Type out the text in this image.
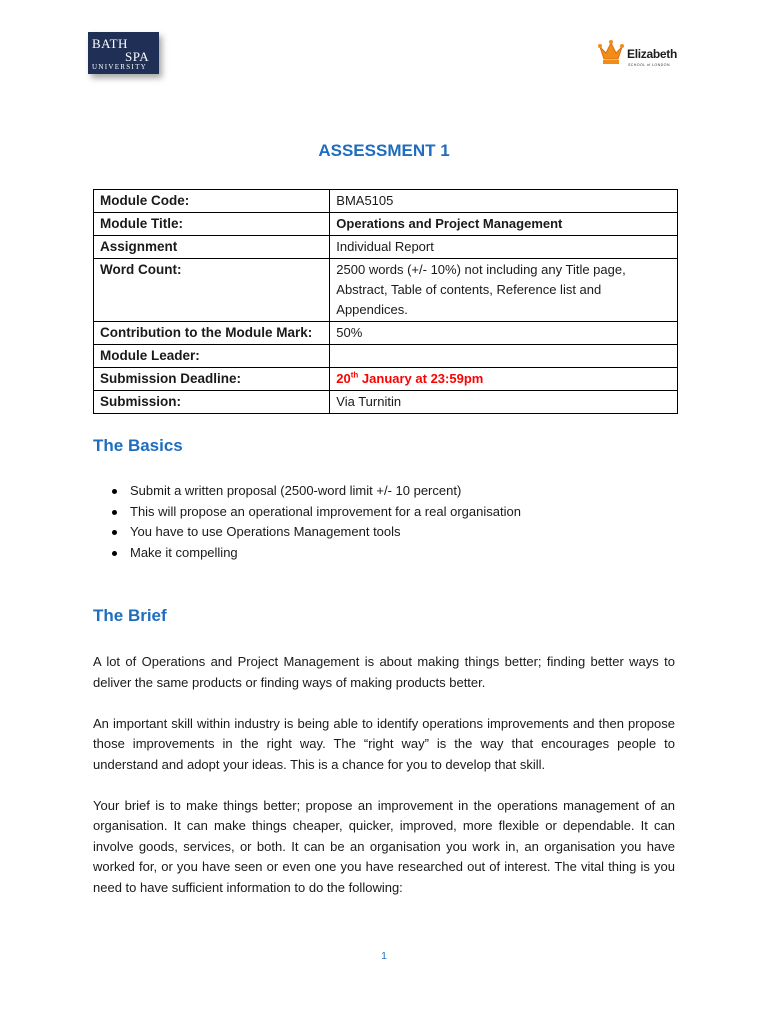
BATH
SPA
UNIVERSITY
Elizabeth
SCHOOL of LONDON
ASSESSMENT 1
Module Code:	BMA5105
Module Title:	Operations and Project Management
Assignment	Individual Report
Word Count:	2500 words (+/- 10%) not including any Title page, Abstract, Table of contents, Reference list and Appendices.
Contribution to the Module Mark:	50%
Module Leader:	
Submission Deadline:	20th January at 23:59pm
Submission:	Via Turnitin
The Basics
Submit a written proposal (2500-word limit +/- 10 percent)
This will propose an operational improvement for a real organisation
You have to use Operations Management tools
Make it compelling
The Brief

A lot of Operations and Project Management is about making things better; finding better ways to deliver the same products or finding ways of making products better.

An important skill within industry is being able to identify operations improvements and then propose those improvements in the right way. The “right way” is the way that encourages people to understand and adopt your ideas. This is a chance for you to develop that skill.

Your brief is to make things better; propose an improvement in the operations management of an organisation. It can make things cheaper, quicker, improved, more flexible or dependable. It can involve goods, services, or both. It can be an organisation you work in, an organisation you have worked for, or you have seen or even one you have researched out of interest. The vital thing is you need to have sufficient information to do the following:

1
